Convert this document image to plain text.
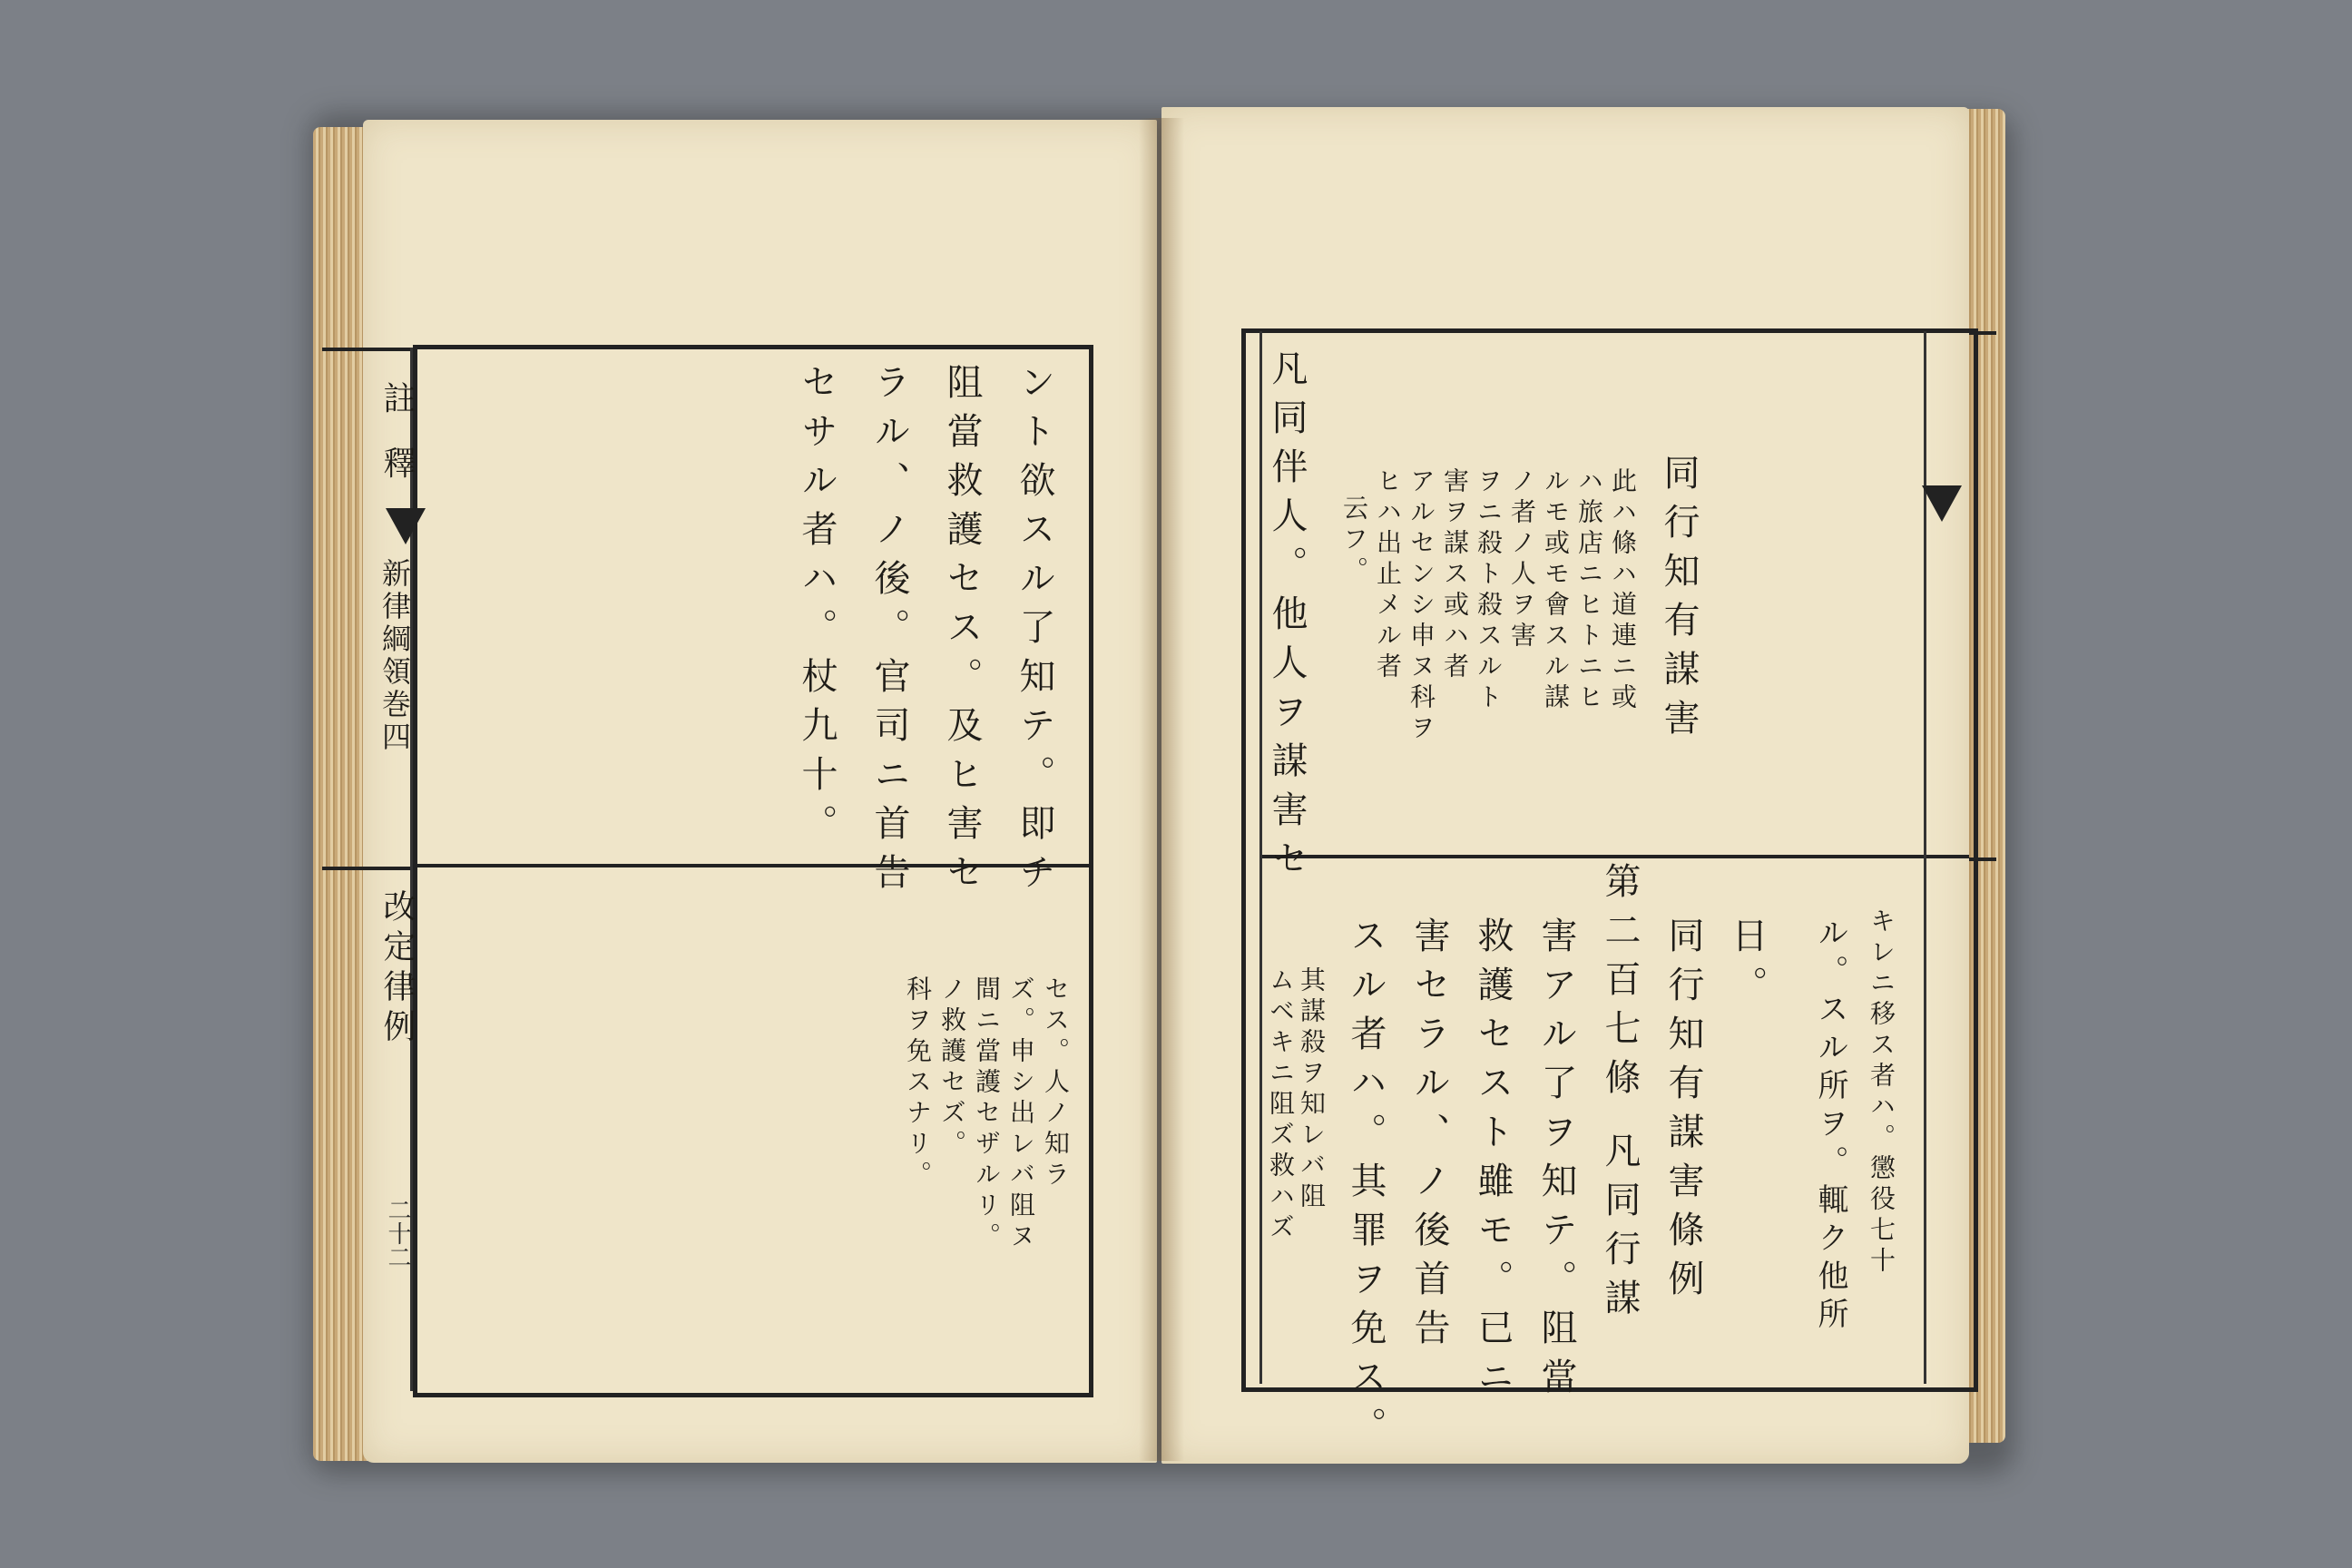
註 釋
新律綱領巻四
改定律例
二十二
ント欲スル了知テ。即チ
阻當救護セス。及ヒ害セ
ラル、ノ後。官司ニ首告
セサル者ハ。杖九十。
セス。人ノ知ラ
ズ。申シ出レバ阻ヌ
間ニ當護セザルリ。
ノ救護セズ。
科ヲ免スナリ。
同行知有謀害
此ハ條ハ道連ニ或
ハ旅店ニヒトニヒ
ルモ或モ會スル謀
ノ者ノ人ヲ害
ヲニ殺ト殺スルト
害ヲ謀ス或ハ者
アルセンシ申ヌ科ヲ
ヒハ出止メル者
云フ。
凡同伴人。他人ヲ謀害セ
キレニ移ス者ハ。懲役七十
ル。スル所ヲ。輒ク他所
日。
同行知有謀害條例
第二百七條 凡同行謀
害アル了ヲ知テ。阻當
救護セスト雖モ。已ニ
害セラル、ノ後首告
スル者ハ。其罪ヲ免ス。
其謀殺ヲ知レバ阻
ムベキニ阻ズ救ハズ
